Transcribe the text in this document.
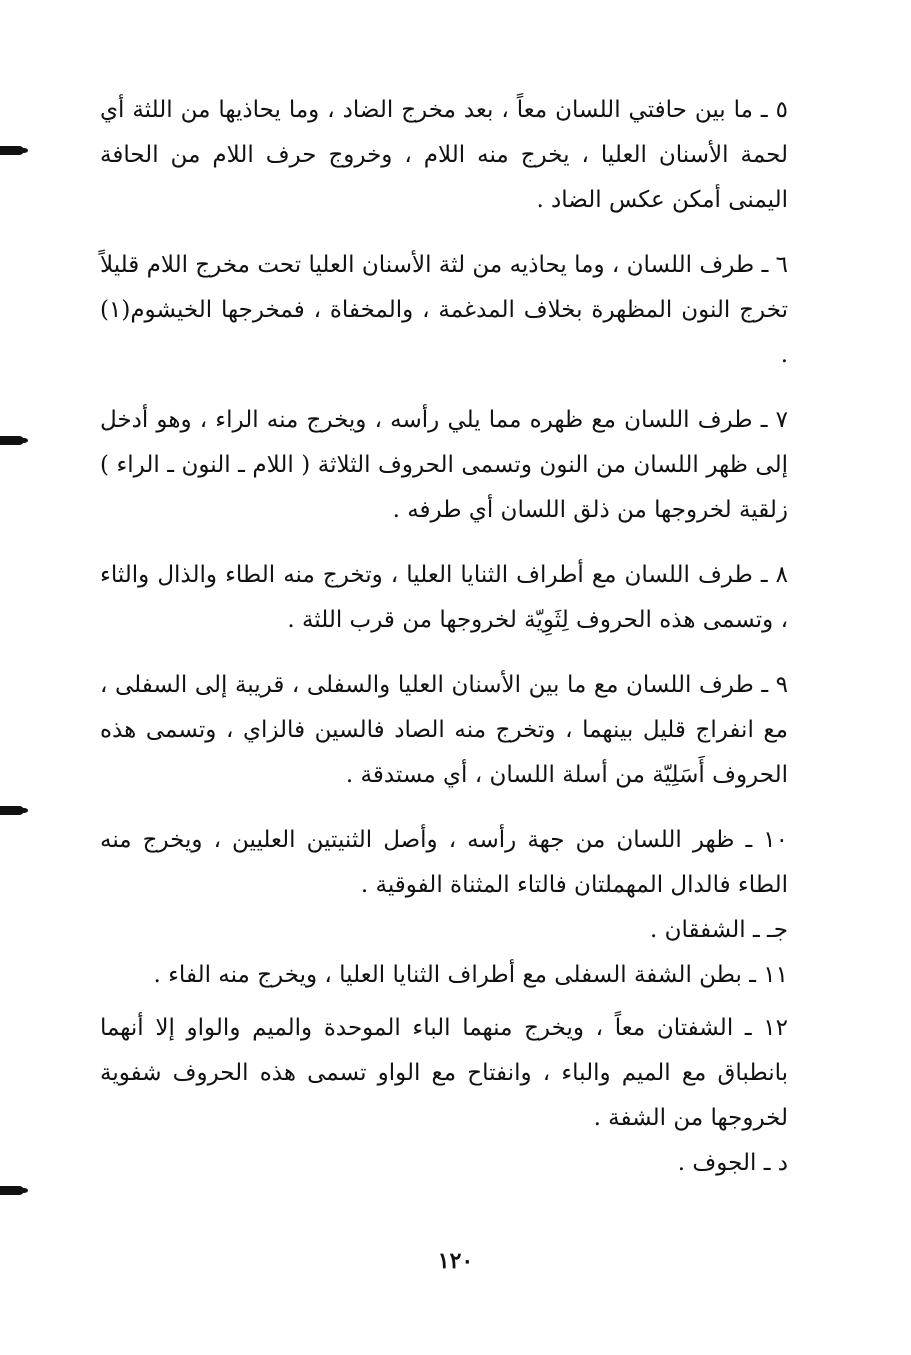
٥ ـ ما بين حافتي اللسان معاً ، بعد مخرج الضاد ، وما يحاذيها من اللثة أي لحمة الأسنان العليا ، يخرج منه اللام ، وخروج حرف اللام من الحافة اليمنى أمكن عكس الضاد .

٦ ـ طرف اللسان ، وما يحاذيه من لثة الأسنان العليا تحت مخرج اللام قليلاً تخرج النون المظهرة بخلاف المدغمة ، والمخفاة ، فمخرجها الخيشوم(١) .

٧ ـ طرف اللسان مع ظهره مما يلي رأسه ، ويخرج منه الراء ، وهو أدخل إلى ظهر اللسان من النون وتسمى الحروف الثلاثة ( اللام ـ النون ـ الراء ) زلقية لخروجها من ذلق اللسان أي طرفه .

٨ ـ طرف اللسان مع أطراف الثنايا العليا ، وتخرج منه الطاء والذال والثاء ، وتسمى هذه الحروف لِثَوِيّة لخروجها من قرب اللثة .

٩ ـ طرف اللسان مع ما بين الأسنان العليا والسفلى ، قريبة إلى السفلى ، مع انفراج قليل بينهما ، وتخرج منه الصاد فالسين فالزاي ، وتسمى هذه الحروف أَسَلِيّة من أسلة اللسان ، أي مستدقة .

١٠ ـ ظهر اللسان من جهة رأسه ، وأصل الثنيتين العليين ، ويخرج منه الطاء فالدال المهملتان فالتاء المثناة الفوقية .

جـ ـ الشفقان .

١١ ـ بطن الشفة السفلى مع أطراف الثنايا العليا ، ويخرج منه الفاء .

١٢ ـ الشفتان معاً ، ويخرج منهما الباء الموحدة والميم والواو إلا أنهما بانطباق مع الميم والباء ، وانفتاح مع الواو تسمى هذه الحروف شفوية لخروجها من الشفة .

د ـ الجوف .

١٢٠
